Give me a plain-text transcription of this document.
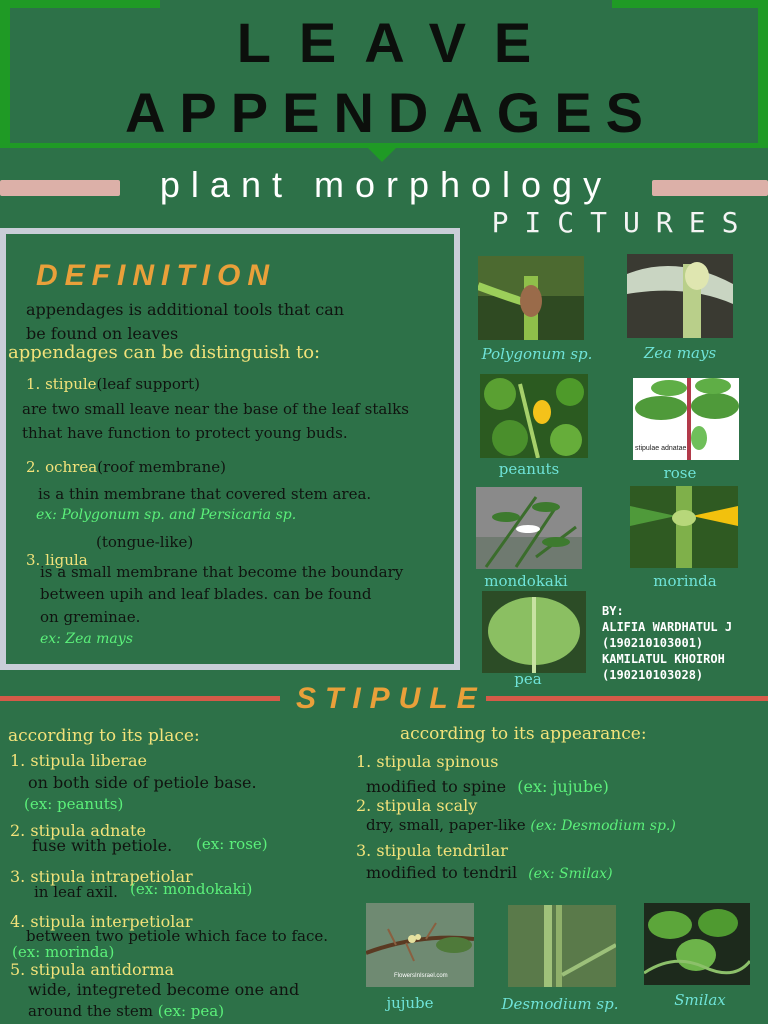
LEAVE
APPENDAGES
plant morphology
PICTURES
DEFINITION
appendages is additional tools that can
be found on leaves
appendages can be distinguish to:
1. stipule(leaf support)
are two small leave near the base of the leaf stalks
thhat have function to protect young buds.
2. ochrea(roof membrane)
is a thin membrane that covered stem area.
ex: Polygonum sp. and Persicaria sp.
(tongue-like)
3. ligula
is a small membrane that become the boundary
between upih and leaf blades. can be found
on greminae.
ex: Zea mays
Polygonum sp.	Zea mays
peanuts
stipulae adnatae
rose
mondokaki	morinda
pea
BY:
ALIFIA WARDHATUL J
(190210103001)
KAMILATUL KHOIROH
(190210103028)
STIPULE
according to its place:
1. stipula liberae
on both side of petiole base.
(ex: peanuts)
2. stipula adnate
fuse with petiole. (ex: rose)
3. stipula intrapetiolar
in leaf axil. (ex: mondokaki)
4. stipula interpetiolar
between two petiole which face to face.
(ex: morinda)
5. stipula antidorma
wide, integreted become one and
around the stem (ex: pea)
according to its appearance:
1. stipula spinous
modified to spine (ex: jujube)
2. stipula scaly
dry, small, paper-like (ex: Desmodium sp.)
3. stipula tendrilar
modified to tendril (ex: Smilax)
FlowersInIsrael.com
jujube	Desmodium sp.	Smilax
